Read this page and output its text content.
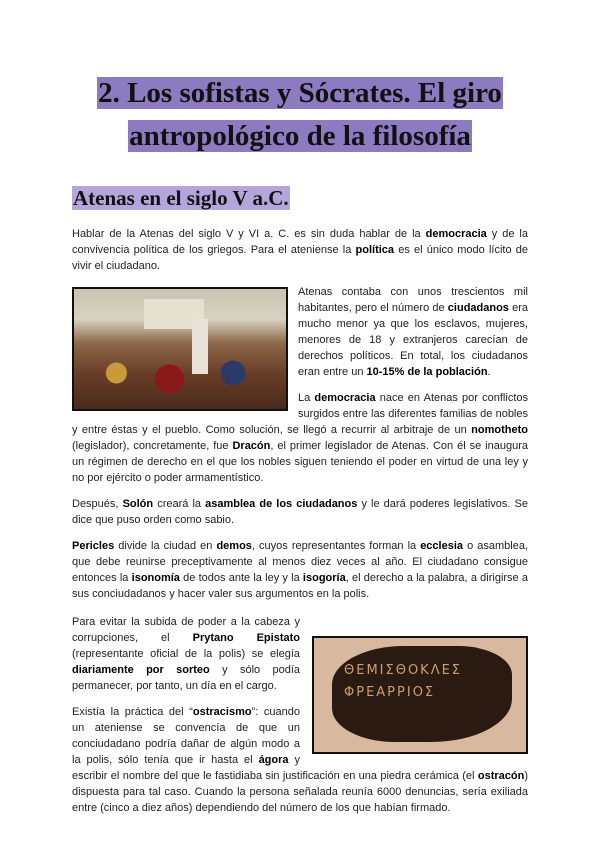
2. Los sofistas y Sócrates. El giro
antropológico de la filosofía
Atenas en el siglo V a.C.

Hablar de la Atenas del siglo V y VI a. C. es sin duda hablar de la democracia y de la convivencia política de los griegos. Para el ateniense la política es el único modo lícito de vivir el ciudadano.

Atenas contaba con unos trescientos mil habitantes, pero el número de ciudadanos era mucho menor ya que los esclavos, mujeres, menores de 18 y extranjeros carecían de derechos políticos. En total, los ciudadanos eran entre un 10-15% de la población.

La democracia nace en Atenas por conflictos surgidos entre las diferentes familias de nobles y entre éstas y el pueblo. Como solución, se llegó a recurrir al arbitraje de un nomotheto (legislador), concretamente, fue Dracón, el primer legislador de Atenas. Con él se inaugura un régimen de derecho en el que los nobles siguen teniendo el poder en virtud de una ley y no por ejército o poder armamentístico.

Después, Solón creará la asamblea de los ciudadanos y le dará poderes legislativos. Se dice que puso orden como sabio.

Pericles divide la ciudad en demos, cuyos representantes forman la ecclesia o asamblea, que debe reunirse preceptivamente al menos diez veces al año. El ciudadano consigue entonces la isonomía de todos ante la ley y la isogoría, el derecho a la palabra, a dirigirse a sus conciudadanos y hacer valer sus argumentos en la polis.

ΘΕΜΙΣΘΟΚΛΕΣ
ΦΡΕΑΡΡΙΟΣ

Para evitar la subida de poder a la cabeza y corrupciones, el Prytano Epistato (representante oficial de la polis) se elegía diariamente por sorteo y sólo podía permanecer, por tanto, un día en el cargo.

Existía la práctica del “ostracismo”: cuando un ateniense se convencía de que un conciudadano podría dañar de algún modo a la polis, sólo tenía que ir hasta el ágora y escribir el nombre del que le fastidiaba sin justificación en una piedra cerámica (el ostracón) dispuesta para tal caso. Cuando la persona señalada reunía 6000 denuncias, sería exiliada entre (cinco a diez años) dependiendo del número de los que habían firmado.
